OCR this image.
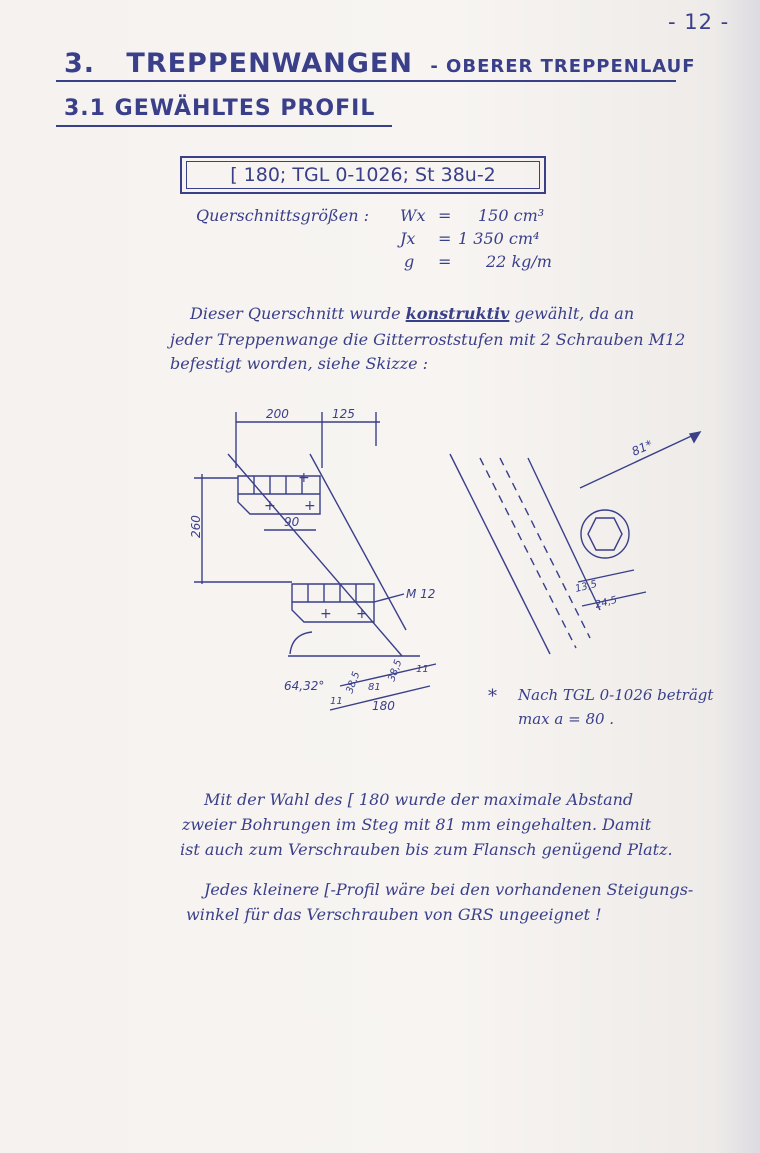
- 12 -
3. TREPPENWANGEN - OBERER TREPPENLAUF
3.1 GEWÄHLTES PROFIL
[ 180; TGL 0-1026; St 38u-2
Querschnittsgrößen : Wx = 150 cm³
Jx = 1 350 cm⁴
g = 22 kg/m
Dieser Querschnitt wurde konstruktiv gewählt, da an
jeder Treppenwange die Gitterroststufen mit 2 Schrauben M12
befestigt worden, siehe Skizze :
+
+ +
+ +
200	125
260	90
M 12
64,32°
11
38,5 81
38,5 11
180
81*
13,5
24,5
* Nach TGL 0-1026 beträgt
max a = 80 .
Mit der Wahl des [ 180 wurde der maximale Abstand
zweier Bohrungen im Steg mit 81 mm eingehalten. Damit
ist auch zum Verschrauben bis zum Flansch genügend Platz.
Jedes kleinere [-Profil wäre bei den vorhandenen Steigungs-
winkel für das Verschrauben von GRS ungeeignet !
